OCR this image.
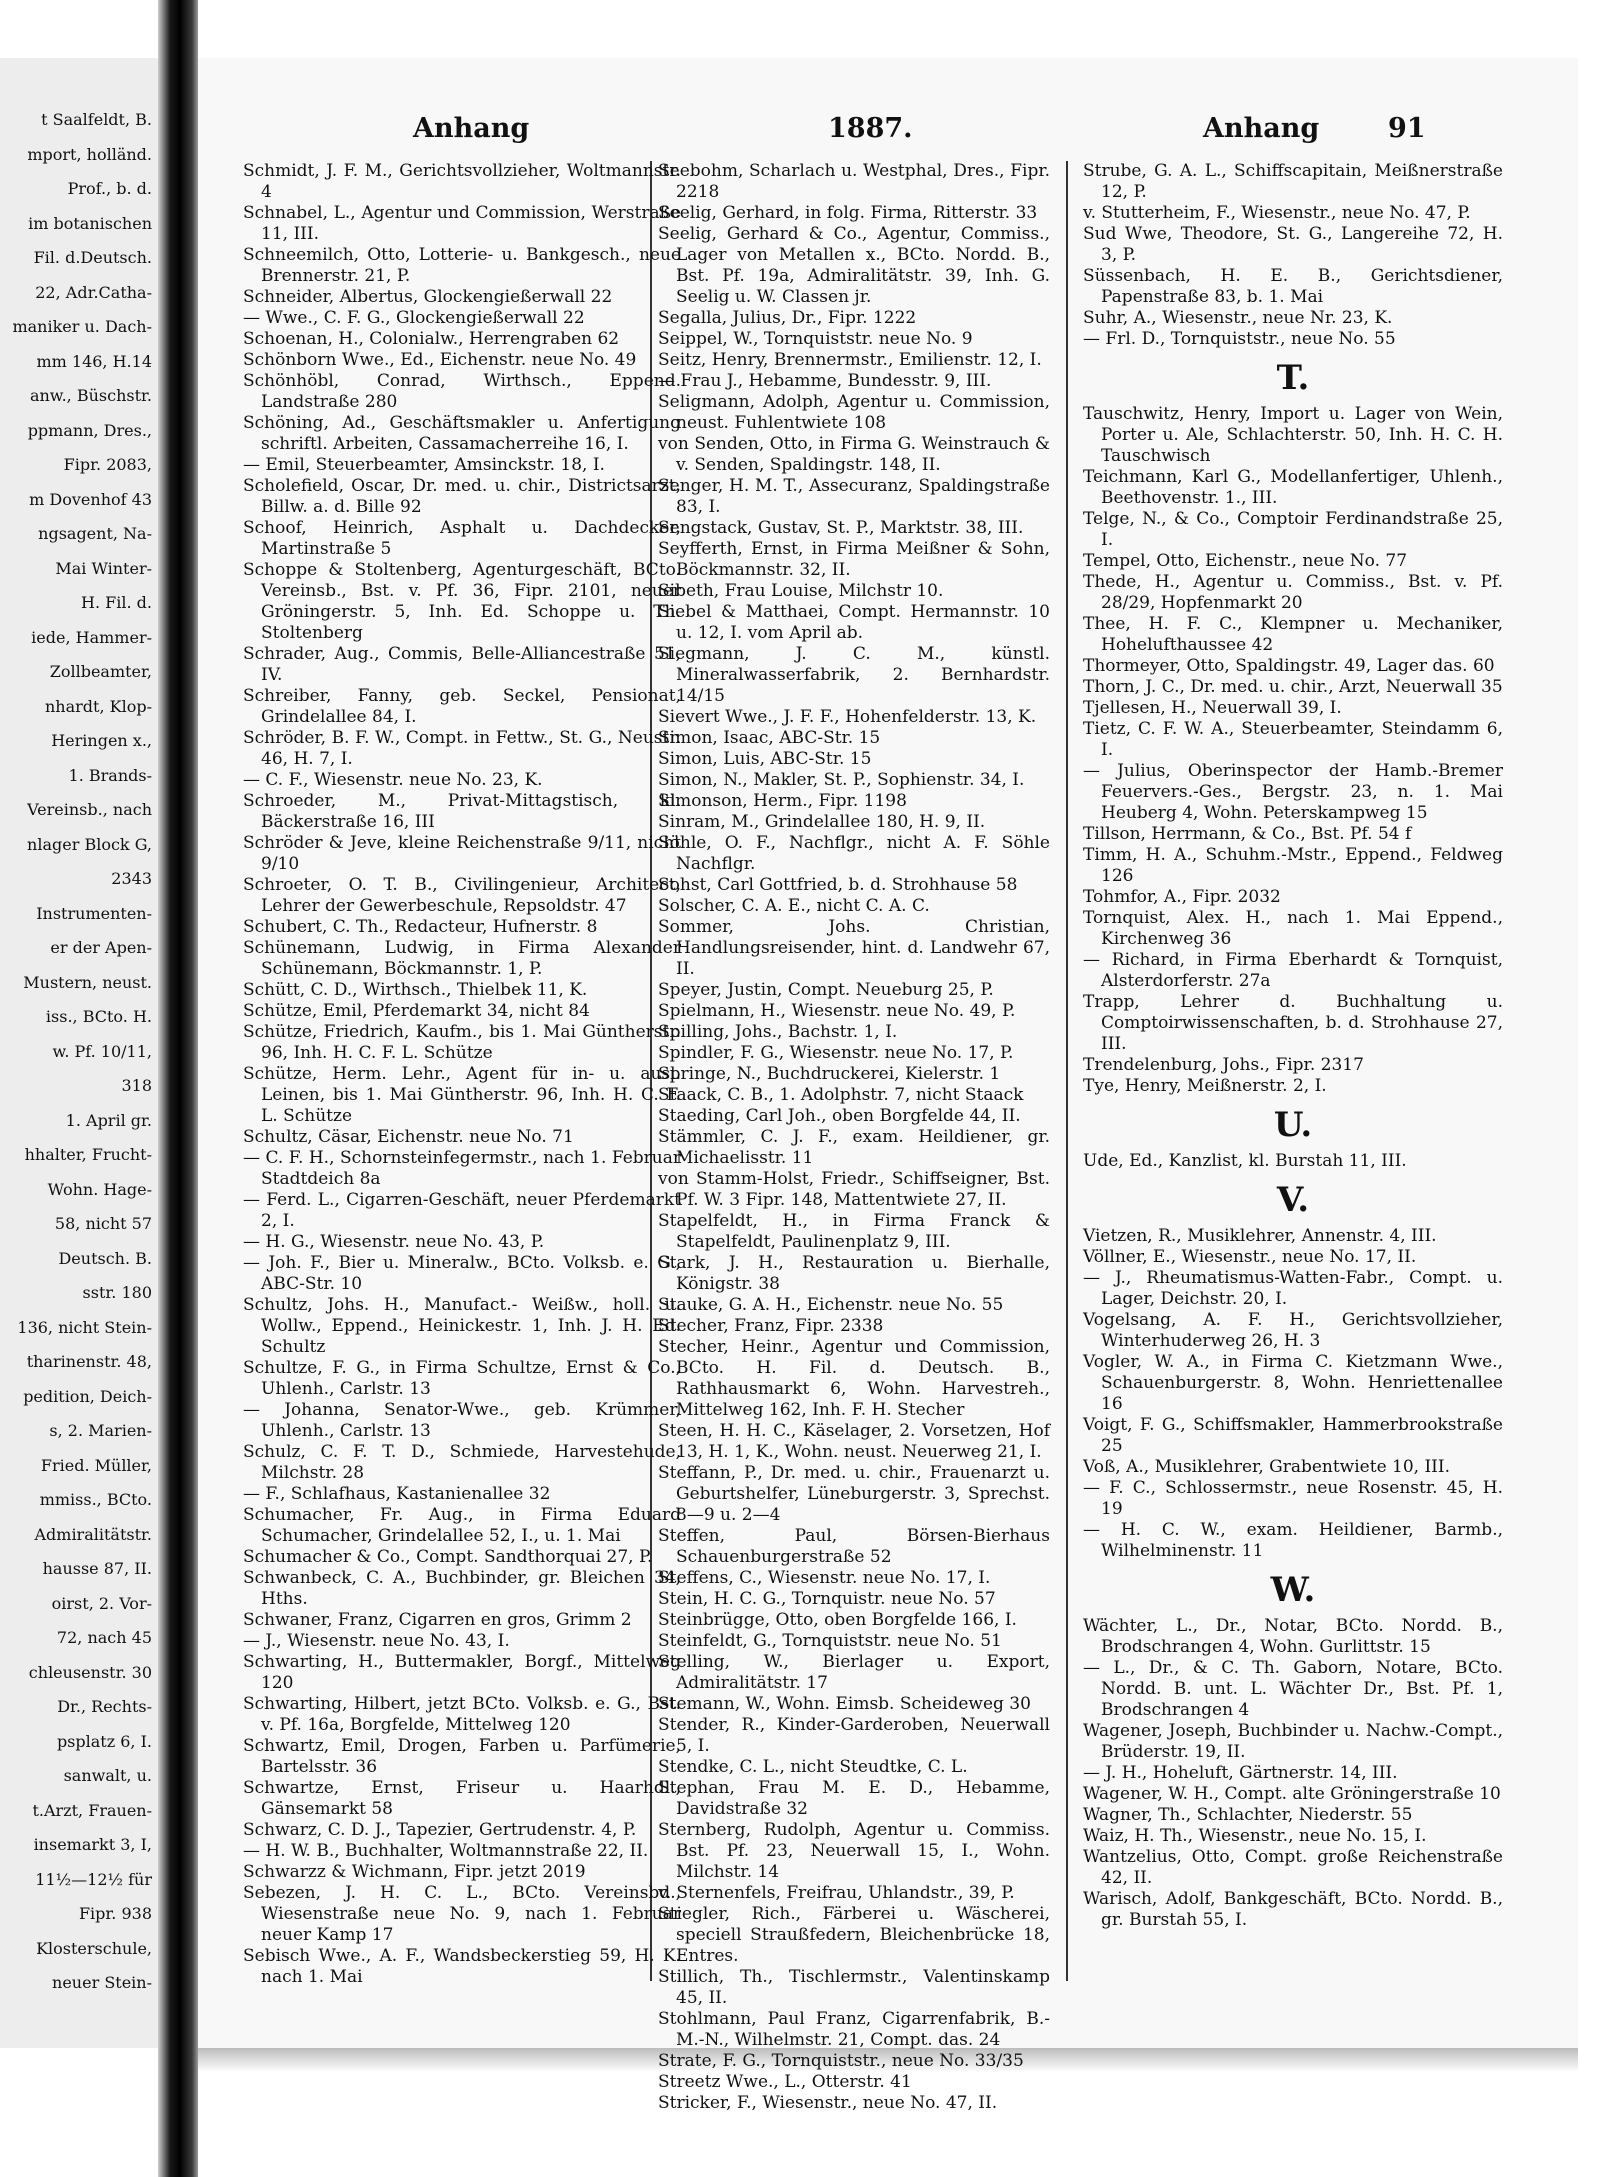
t Saalfeldt, B.
mport, holländ.
Prof., b. d.
im botanischen
Fil. d.Deutsch.
22, Adr.Catha-
maniker u. Dach-
mm 146, H.14
anw., Büschstr.
ppmann, Dres.,
Fipr. 2083,
m Dovenhof 43
ngsagent, Na-
Mai Winter-
H. Fil. d.
iede, Hammer-
Zollbeamter,
nhardt, Klop-
Heringen x.,
1. Brands-
Vereinsb., nach
nlager Block G,
2343
Instrumenten-
er der Apen-
Mustern, neust.
iss., BCto. H.
w. Pf. 10/11,
318
1. April gr.
hhalter, Frucht-
Wohn. Hage-
58, nicht 57
Deutsch. B.
sstr. 180
136, nicht Stein-
tharinenstr. 48,
pedition, Deich-
s, 2. Marien-
Fried. Müller,
mmiss., BCto.
Admiralitätstr.
hausse 87, II.
oirst, 2. Vor-
72, nach 45
chleusenstr. 30
Dr., Rechts-
psplatz 6, I.
sanwalt, u.
t.Arzt, Frauen-
insemarkt 3, I,
11½—12½ für
Fipr. 938
Klosterschule,
neuer Stein-
Anhang	1887.	Anhang	91

Schmidt, J. F. M., Gerichtsvollzieher, Woltmannstr. 4

Schnabel, L., Agentur und Commission, Werstraße 11, III.

Schneemilch, Otto, Lotterie- u. Bankgesch., neue Brennerstr. 21, P.

Schneider, Albertus, Glockengießerwall 22

— Wwe., C. F. G., Glockengießerwall 22

Schoenan, H., Colonialw., Herrengraben 62

Schönborn Wwe., Ed., Eichenstr. neue No. 49

Schönhöbl, Conrad, Wirthsch., Eppend. Landstraße 280

Schöning, Ad., Geschäftsmakler u. Anfertigung schriftl. Arbeiten, Cassamacherreihe 16, I.

— Emil, Steuerbeamter, Amsinckstr. 18, I.

Scholefield, Oscar, Dr. med. u. chir., Districtsarzt, Billw. a. d. Bille 92

Schoof, Heinrich, Asphalt u. Dachdecker, Martinstraße 5

Schoppe & Stoltenberg, Agenturgeschäft, BCto. Vereinsb., Bst. v. Pf. 36, Fipr. 2101, neuer Gröningerstr. 5, Inh. Ed. Schoppe u. Th. Stoltenberg

Schrader, Aug., Commis, Belle-Alliancestraße 51, IV.

Schreiber, Fanny, geb. Seckel, Pensionat, Grindelallee 84, I.

Schröder, B. F. W., Compt. in Fettw., St. G., Neustr. 46, H. 7, I.

— C. F., Wiesenstr. neue No. 23, K.

Schroeder, M., Privat-Mittagstisch, kl. Bäckerstraße 16, III

Schröder & Jeve, kleine Reichenstraße 9/11, nicht 9/10

Schroeter, O. T. B., Civilingenieur, Architect, Lehrer der Gewerbeschule, Repsoldstr. 47

Schubert, C. Th., Redacteur, Hufnerstr. 8

Schünemann, Ludwig, in Firma Alexander Schünemann, Böckmannstr. 1, P.

Schütt, C. D., Wirthsch., Thielbek 11, K.

Schütze, Emil, Pferdemarkt 34, nicht 84

Schütze, Friedrich, Kaufm., bis 1. Mai Güntherstr. 96, Inh. H. C. F. L. Schütze

Schütze, Herm. Lehr., Agent für in- u. ausl. Leinen, bis 1. Mai Güntherstr. 96, Inh. H. C. F. L. Schütze

Schultz, Cäsar, Eichenstr. neue No. 71

— C. F. H., Schornsteinfegermstr., nach 1. Februar Stadtdeich 8a

— Ferd. L., Cigarren-Geschäft, neuer Pferdemarkt 2, I.

— H. G., Wiesenstr. neue No. 43, P.

— Joh. F., Bier u. Mineralw., BCto. Volksb. e. G., ABC-Str. 10

Schultz, Johs. H., Manufact.- Weißw., holl. u. Wollw., Eppend., Heinickestr. 1, Inh. J. H. Ed. Schultz

Schultze, F. G., in Firma Schultze, Ernst & Co., Uhlenh., Carlstr. 13

— Johanna, Senator-Wwe., geb. Krümmer, Uhlenh., Carlstr. 13

Schulz, C. F. T. D., Schmiede, Harvestehude, Milchstr. 28

— F., Schlafhaus, Kastanienallee 32

Schumacher, Fr. Aug., in Firma Eduard Schumacher, Grindelallee 52, I., u. 1. Mai

Schumacher & Co., Compt. Sandthorquai 27, P.

Schwanbeck, C. A., Buchbinder, gr. Bleichen 34, Hths.

Schwaner, Franz, Cigarren en gros, Grimm 2

— J., Wiesenstr. neue No. 43, I.

Schwarting, H., Buttermakler, Borgf., Mittelweg 120

Schwarting, Hilbert, jetzt BCto. Volksb. e. G., Bst. v. Pf. 16a, Borgfelde, Mittelweg 120

Schwartz, Emil, Drogen, Farben u. Parfümerie, Bartelsstr. 36

Schwartze, Ernst, Friseur u. Haarhdl., Gänsemarkt 58

Schwarz, C. D. J., Tapezier, Gertrudenstr. 4, P.

— H. W. B., Buchhalter, Woltmannstraße 22, II.

Schwarzz & Wichmann, Fipr. jetzt 2019

Sebezen, J. H. C. L., BCto. Vereinsbd., Wiesenstraße neue No. 9, nach 1. Februar neuer Kamp 17

Sebisch Wwe., A. F., Wandsbeckerstieg 59, H. K. nach 1. Mai

Seebohm, Scharlach u. Westphal, Dres., Fipr. 2218

Seelig, Gerhard, in folg. Firma, Ritterstr. 33

Seelig, Gerhard & Co., Agentur, Commiss., Lager von Metallen x., BCto. Nordd. B., Bst. Pf. 19a, Admiralitätstr. 39, Inh. G. Seelig u. W. Classen jr.

Segalla, Julius, Dr., Fipr. 1222

Seippel, W., Tornquiststr. neue No. 9

Seitz, Henry, Brennermstr., Emilienstr. 12, I.

— Frau J., Hebamme, Bundesstr. 9, III.

Seligmann, Adolph, Agentur u. Commission, neust. Fuhlentwiete 108

von Senden, Otto, in Firma G. Weinstrauch & v. Senden, Spaldingstr. 148, II.

Senger, H. M. T., Assecuranz, Spaldingstraße 83, I.

Sengstack, Gustav, St. P., Marktstr. 38, III.

Seyfferth, Ernst, in Firma Meißner & Sohn, Böckmannstr. 32, II.

Sibeth, Frau Louise, Milchstr 10.

Siebel & Matthaei, Compt. Hermannstr. 10 u. 12, I. vom April ab.

Siegmann, J. C. M., künstl. Mineralwasserfabrik, 2. Bernhardstr. 14/15

Sievert Wwe., J. F. F., Hohenfelderstr. 13, K.

Simon, Isaac, ABC-Str. 15

Simon, Luis, ABC-Str. 15

Simon, N., Makler, St. P., Sophienstr. 34, I.

Simonson, Herm., Fipr. 1198

Sinram, M., Grindelallee 180, H. 9, II.

Söhle, O. F., Nachflgr., nicht A. F. Söhle Nachflgr.

Sohst, Carl Gottfried, b. d. Strohhause 58

Solscher, C. A. E., nicht C. A. C.

Sommer, Johs. Christian, Handlungsreisender, hint. d. Landwehr 67, II.

Speyer, Justin, Compt. Neueburg 25, P.

Spielmann, H., Wiesenstr. neue No. 49, P.

Spilling, Johs., Bachstr. 1, I.

Spindler, F. G., Wiesenstr. neue No. 17, P.

Springe, N., Buchdruckerei, Kielerstr. 1

Staack, C. B., 1. Adolphstr. 7, nicht Staack

Staeding, Carl Joh., oben Borgfelde 44, II.

Stämmler, C. J. F., exam. Heildiener, gr. Michaelisstr. 11

von Stamm-Holst, Friedr., Schiffseigner, Bst. Pf. W. 3 Fipr. 148, Mattentwiete 27, II.

Stapelfeldt, H., in Firma Franck & Stapelfeldt, Paulinenplatz 9, III.

Stark, J. H., Restauration u. Bierhalle, Königstr. 38

Stauke, G. A. H., Eichenstr. neue No. 55

Stecher, Franz, Fipr. 2338

Stecher, Heinr., Agentur und Commission, BCto. H. Fil. d. Deutsch. B., Rathhausmarkt 6, Wohn. Harvestreh., Mittelweg 162, Inh. F. H. Stecher

Steen, H. H. C., Käselager, 2. Vorsetzen, Hof 13, H. 1, K., Wohn. neust. Neuerweg 21, I.

Steffann, P., Dr. med. u. chir., Frauenarzt u. Geburtshelfer, Lüneburgerstr. 3, Sprechst. 8—9 u. 2—4

Steffen, Paul, Börsen-Bierhaus Schauenburgerstraße 52

Steffens, C., Wiesenstr. neue No. 17, I.

Stein, H. C. G., Tornquistr. neue No. 57

Steinbrügge, Otto, oben Borgfelde 166, I.

Steinfeldt, G., Tornquiststr. neue No. 51

Stelling, W., Bierlager u. Export, Admiralitätstr. 17

Stemann, W., Wohn. Eimsb. Scheideweg 30

Stender, R., Kinder-Garderoben, Neuerwall 5, I.

Stendke, C. L., nicht Steudtke, C. L.

Stephan, Frau M. E. D., Hebamme, Davidstraße 32

Sternberg, Rudolph, Agentur u. Commiss. Bst. Pf. 23, Neuerwall 15, I., Wohn. Milchstr. 14

v. Sternenfels, Freifrau, Uhlandstr., 39, P.

Stiegler, Rich., Färberei u. Wäscherei, speciell Straußfedern, Bleichenbrücke 18, Entres.

Stillich, Th., Tischlermstr., Valentinskamp 45, II.

Stohlmann, Paul Franz, Cigarrenfabrik, B.-M.-N., Wilhelmstr. 21, Compt. das. 24

Strate, F. G., Tornquiststr., neue No. 33/35

Streetz Wwe., L., Otterstr. 41

Stricker, F., Wiesenstr., neue No. 47, II.

Strube, G. A. L., Schiffscapitain, Meißnerstraße 12, P.

v. Stutterheim, F., Wiesenstr., neue No. 47, P.

Sud Wwe, Theodore, St. G., Langereihe 72, H. 3, P.

Süssenbach, H. E. B., Gerichtsdiener, Papenstraße 83, b. 1. Mai

Suhr, A., Wiesenstr., neue Nr. 23, K.

— Frl. D., Tornquiststr., neue No. 55

T.

Tauschwitz, Henry, Import u. Lager von Wein, Porter u. Ale, Schlachterstr. 50, Inh. H. C. H. Tauschwisch

Teichmann, Karl G., Modellanfertiger, Uhlenh., Beethovenstr. 1., III.

Telge, N., & Co., Comptoir Ferdinandstraße 25, I.

Tempel, Otto, Eichenstr., neue No. 77

Thede, H., Agentur u. Commiss., Bst. v. Pf. 28/29, Hopfenmarkt 20

Thee, H. F. C., Klempner u. Mechaniker, Hohelufthaussee 42

Thormeyer, Otto, Spaldingstr. 49, Lager das. 60

Thorn, J. C., Dr. med. u. chir., Arzt, Neuerwall 35

Tjellesen, H., Neuerwall 39, I.

Tietz, C. F. W. A., Steuerbeamter, Steindamm 6, I.

— Julius, Oberinspector der Hamb.-Bremer Feuervers.-Ges., Bergstr. 23, n. 1. Mai Heuberg 4, Wohn. Peterskampweg 15

Tillson, Herrmann, & Co., Bst. Pf. 54 f

Timm, H. A., Schuhm.-Mstr., Eppend., Feldweg 126

Tohmfor, A., Fipr. 2032

Tornquist, Alex. H., nach 1. Mai Eppend., Kirchenweg 36

— Richard, in Firma Eberhardt & Tornquist, Alsterdorferstr. 27a

Trapp, Lehrer d. Buchhaltung u. Comptoirwissenschaften, b. d. Strohhause 27, III.

Trendelenburg, Johs., Fipr. 2317

Tye, Henry, Meißnerstr. 2, I.

U.

Ude, Ed., Kanzlist, kl. Burstah 11, III.

V.

Vietzen, R., Musiklehrer, Annenstr. 4, III.

Völlner, E., Wiesenstr., neue No. 17, II.

— J., Rheumatismus-Watten-Fabr., Compt. u. Lager, Deichstr. 20, I.

Vogelsang, A. F. H., Gerichtsvollzieher, Winterhuderweg 26, H. 3

Vogler, W. A., in Firma C. Kietzmann Wwe., Schauenburgerstr. 8, Wohn. Henriettenallee 16

Voigt, F. G., Schiffsmakler, Hammerbrookstraße 25

Voß, A., Musiklehrer, Grabentwiete 10, III.

— F. C., Schlossermstr., neue Rosenstr. 45, H. 19

— H. C. W., exam. Heildiener, Barmb., Wilhelminenstr. 11

W.

Wächter, L., Dr., Notar, BCto. Nordd. B., Brodschrangen 4, Wohn. Gurlittstr. 15

— L., Dr., & C. Th. Gaborn, Notare, BCto. Nordd. B. unt. L. Wächter Dr., Bst. Pf. 1, Brodschrangen 4

Wagener, Joseph, Buchbinder u. Nachw.-Compt., Brüderstr. 19, II.

— J. H., Hoheluft, Gärtnerstr. 14, III.

Wagener, W. H., Compt. alte Gröningerstraße 10

Wagner, Th., Schlachter, Niederstr. 55

Waiz, H. Th., Wiesenstr., neue No. 15, I.

Wantzelius, Otto, Compt. große Reichenstraße 42, II.

Warisch, Adolf, Bankgeschäft, BCto. Nordd. B., gr. Burstah 55, I.
